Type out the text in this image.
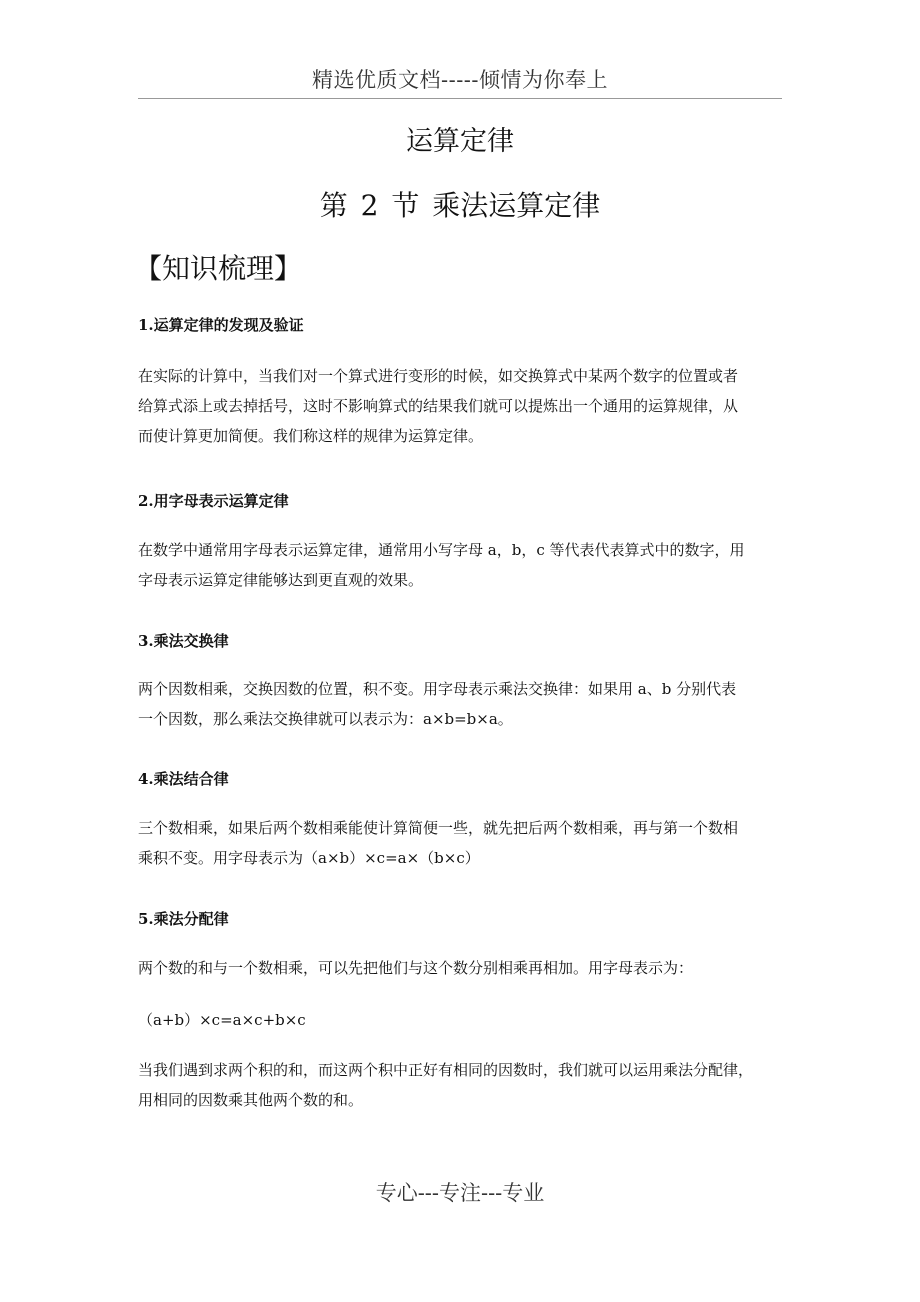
精选优质文档-----倾情为你奉上
运算定律
第 2 节 乘法运算定律
【知识梳理】
1.运算定律的发现及验证
在实际的计算中，当我们对一个算式进行变形的时候，如交换算式中某两个数字的位置或者
给算式添上或去掉括号，这时不影响算式的结果我们就可以提炼出一个通用的运算规律，从
而使计算更加简便。我们称这样的规律为运算定律。
2.用字母表示运算定律
在数学中通常用字母表示运算定律，通常用小写字母 a，b，c 等代表代表算式中的数字，用
字母表示运算定律能够达到更直观的效果。
3.乘法交换律
两个因数相乘，交换因数的位置，积不变。用字母表示乘法交换律：如果用 a、b 分别代表
一个因数，那么乘法交换律就可以表示为：a×b=b×a。
4.乘法结合律
三个数相乘，如果后两个数相乘能使计算简便一些，就先把后两个数相乘，再与第一个数相
乘积不变。用字母表示为（a×b）×c=a×（b×c）
5.乘法分配律
两个数的和与一个数相乘，可以先把他们与这个数分别相乘再相加。用字母表示为：
（a+b）×c=a×c+b×c
当我们遇到求两个积的和，而这两个积中正好有相同的因数时，我们就可以运用乘法分配律，
用相同的因数乘其他两个数的和。
专心---专注---专业
